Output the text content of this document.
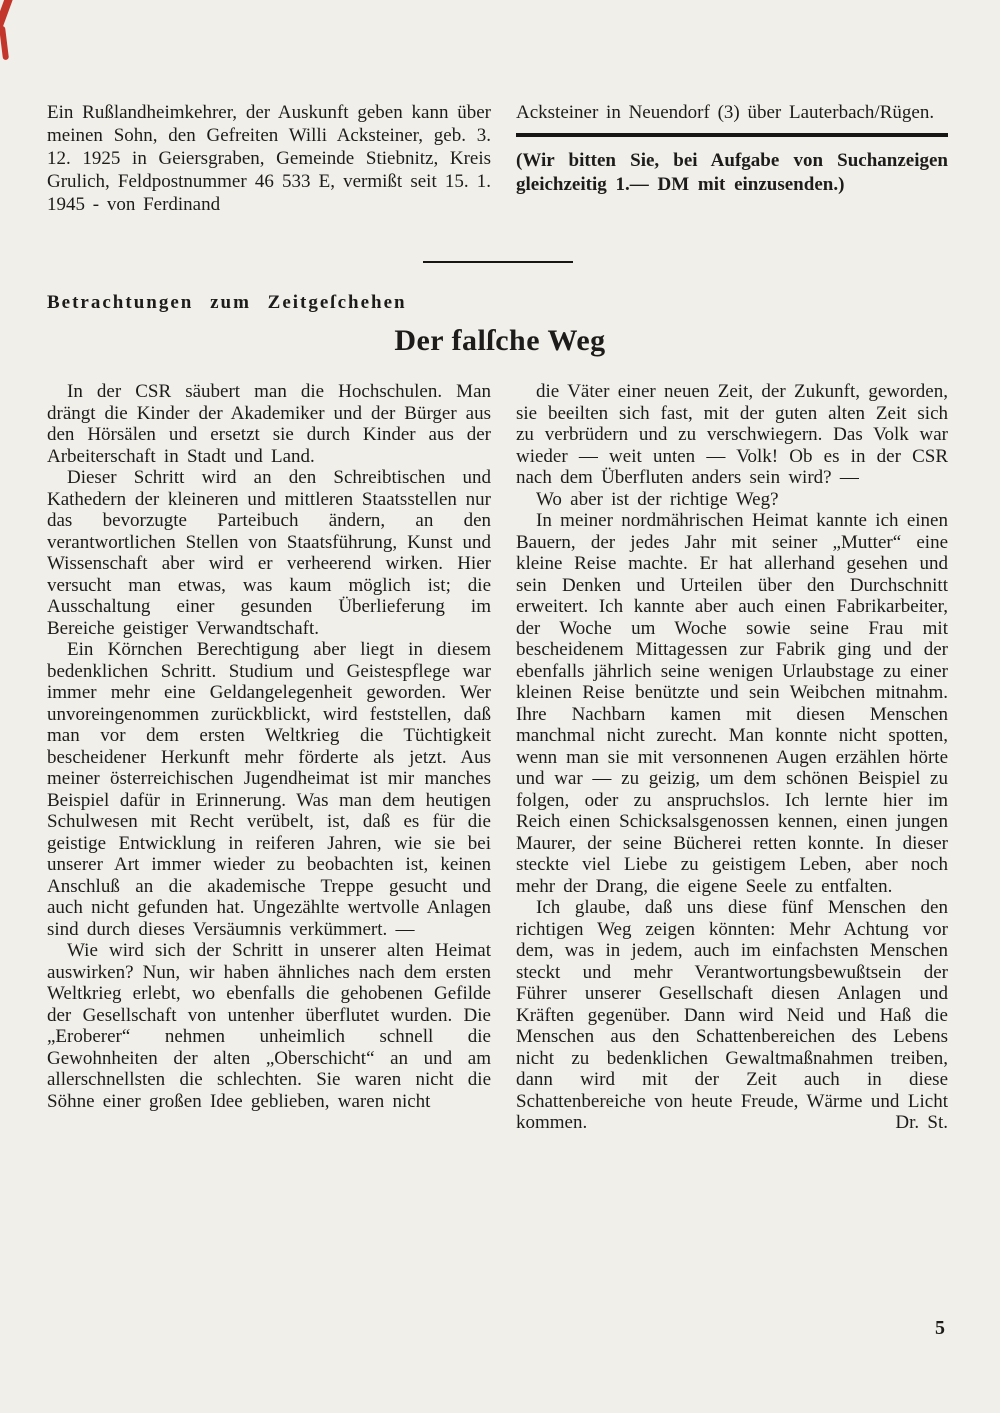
Ein Rußlandheimkehrer, der Auskunft geben kann über meinen Sohn, den Gefreiten Willi Acksteiner, geb. 3. 12. 1925 in Geiersgraben, Gemeinde Stiebnitz, Kreis Grulich, Feldpostnummer 46 533 E, vermißt seit 15. 1. 1945 - von Ferdinand
Acksteiner in Neuendorf (3) über Lauterbach/Rügen.
(Wir bitten Sie, bei Aufgabe von Suchanzeigen gleichzeitig 1.— DM mit einzusenden.)
Betrachtungen zum Zeitgeſchehen
Der falſche Weg

In der CSR säubert man die Hochschulen. Man drängt die Kinder der Akademiker und der Bürger aus den Hörsälen und ersetzt sie durch Kinder aus der Arbeiterschaft in Stadt und Land.

Dieser Schritt wird an den Schreibtischen und Kathedern der kleineren und mittleren Staatsstellen nur das bevorzugte Parteibuch ändern, an den verantwortlichen Stellen von Staatsführung, Kunst und Wissenschaft aber wird er verheerend wirken. Hier versucht man etwas, was kaum möglich ist; die Ausschaltung einer gesunden Überlieferung im Bereiche geistiger Verwandtschaft.

Ein Körnchen Berechtigung aber liegt in diesem bedenklichen Schritt. Studium und Geistespflege war immer mehr eine Geldangelegenheit geworden. Wer unvoreingenommen zurückblickt, wird feststellen, daß man vor dem ersten Weltkrieg die Tüchtigkeit bescheidener Herkunft mehr förderte als jetzt. Aus meiner österreichischen Jugendheimat ist mir manches Beispiel dafür in Erinnerung. Was man dem heutigen Schulwesen mit Recht verübelt, ist, daß es für die geistige Entwicklung in reiferen Jahren, wie sie bei unserer Art immer wieder zu beobachten ist, keinen Anschluß an die akademische Treppe gesucht und auch nicht gefunden hat. Ungezählte wertvolle Anlagen sind durch dieses Versäumnis verkümmert. —

Wie wird sich der Schritt in unserer alten Heimat auswirken? Nun, wir haben ähnliches nach dem ersten Weltkrieg erlebt, wo ebenfalls die gehobenen Gefilde der Gesellschaft von untenher überflutet wurden. Die „Eroberer“ nehmen unheimlich schnell die Gewohnheiten der alten „Oberschicht“ an und am allerschnellsten die schlechten. Sie waren nicht die Söhne einer großen Idee geblieben, waren nicht

die Väter einer neuen Zeit, der Zukunft, geworden, sie beeilten sich fast, mit der guten alten Zeit sich zu verbrüdern und zu verschwiegern. Das Volk war wieder — weit unten — Volk! Ob es in der CSR nach dem Überfluten anders sein wird? —

Wo aber ist der richtige Weg?

In meiner nordmährischen Heimat kannte ich einen Bauern, der jedes Jahr mit seiner „Mutter“ eine kleine Reise machte. Er hat allerhand gesehen und sein Denken und Urteilen über den Durchschnitt erweitert. Ich kannte aber auch einen Fabrikarbeiter, der Woche um Woche sowie seine Frau mit bescheidenem Mittagessen zur Fabrik ging und der ebenfalls jährlich seine wenigen Urlaubstage zu einer kleinen Reise benützte und sein Weibchen mitnahm. Ihre Nachbarn kamen mit diesen Menschen manchmal nicht zurecht. Man konnte nicht spotten, wenn man sie mit versonnenen Augen erzählen hörte und war — zu geizig, um dem schönen Beispiel zu folgen, oder zu anspruchslos. Ich lernte hier im Reich einen Schicksalsgenossen kennen, einen jungen Maurer, der seine Bücherei retten konnte. In dieser steckte viel Liebe zu geistigem Leben, aber noch mehr der Drang, die eigene Seele zu entfalten.

Ich glaube, daß uns diese fünf Menschen den richtigen Weg zeigen könnten: Mehr Achtung vor dem, was in jedem, auch im einfachsten Menschen steckt und mehr Verantwortungsbewußtsein der Führer unserer Gesellschaft diesen Anlagen und Kräften gegenüber. Dann wird Neid und Haß die Menschen aus den Schattenbereichen des Lebens nicht zu bedenklichen Gewaltmaßnahmen treiben, dann wird mit der Zeit auch in diese Schattenbereiche von heute Freude, Wärme und Licht kommen.	Dr. St.
5
